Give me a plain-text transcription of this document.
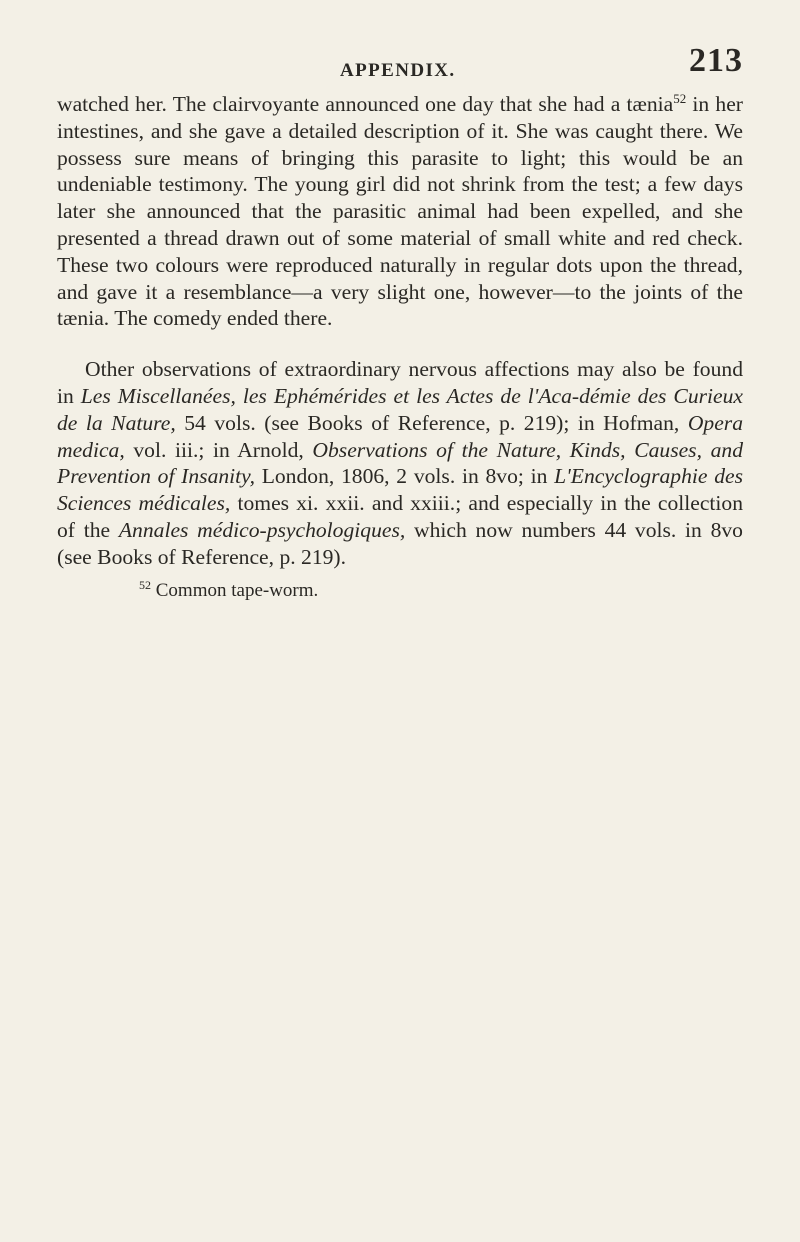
APPENDIX.	213

watched her. The clairvoyante announced one day that she had a tænia$^{52}$ in her intestines, and she gave a detailed description of it. She was caught there. We possess sure means of bringing this parasite to light; this would be an undeniable testimony. The young girl did not shrink from the test; a few days later she announced that the parasitic animal had been expelled, and she presented a thread drawn out of some material of small white and red check. These two colours were reproduced naturally in regular dots upon the thread, and gave it a resemblance—a very slight one, however—to the joints of the tænia. The comedy ended there.

Other observations of extraordinary nervous affections may also be found in Les Miscellanées, les Ephémérides et les Actes de l'Aca-démie des Curieux de la Nature, 54 vols. (see Books of Reference, p. 219); in Hofman, Opera medica, vol. iii.; in Arnold, Observations of the Nature, Kinds, Causes, and Prevention of Insanity, London, 1806, 2 vols. in 8vo; in L'Encyclographie des Sciences médicales, tomes xi. xxii. and xxiii.; and especially in the collection of the Annales médico-psychologiques, which now numbers 44 vols. in 8vo (see Books of Reference, p. 219).

$^{52}$ Common tape-worm.
